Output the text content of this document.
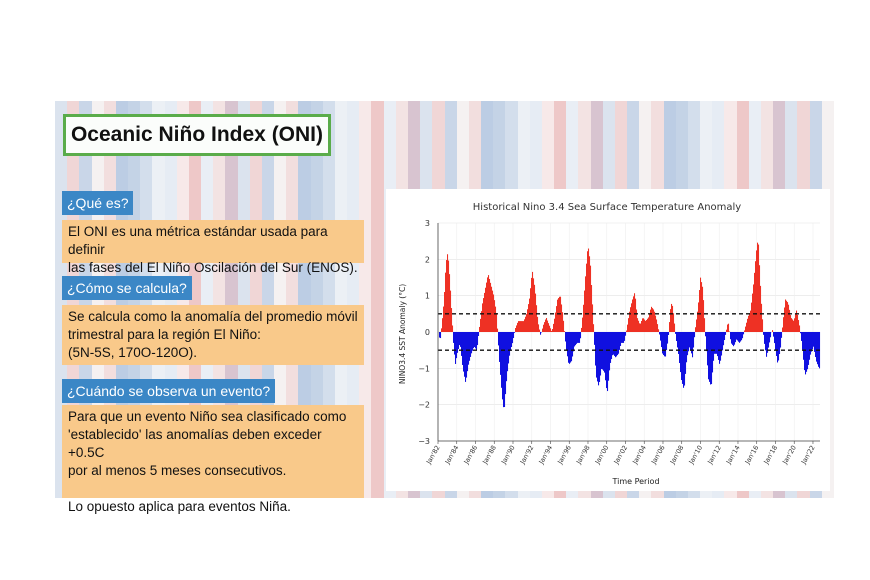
Oceanic Niño Index (ONI)
¿Qué es?
El ONI es una métrica estándar usada para definir
las fases del El Niño Oscilación del Sur (ENOS).
¿Cómo se calcula?
Se calcula como la anomalía del promedio móvil
trimestral para la región El Niño:
(5N-5S, 170O-120O).
¿Cuándo se observa un evento?
Para que un evento Niño sea clasificado como
'establecido' las anomalías deben exceder +0.5C
por al menos 5 meses consecutivos.
Lo opuesto aplica para eventos Niña.
3
2
1
0
−1
−2
−3
Jan'82 Jan'84 Jan'86 Jan'88 Jan'90 Jan'92 Jan'94 Jan'96 Jan'98 Jan'00 Jan'02 Jan'04 Jan'06 Jan'08 Jan'10 Jan'12 Jan'14 Jan'16 Jan'18 Jan'20 Jan'22
Historical Nino 3.4 Sea Surface Temperature Anomaly
Time Period
NINO3.4 SST Anomaly (°C)
